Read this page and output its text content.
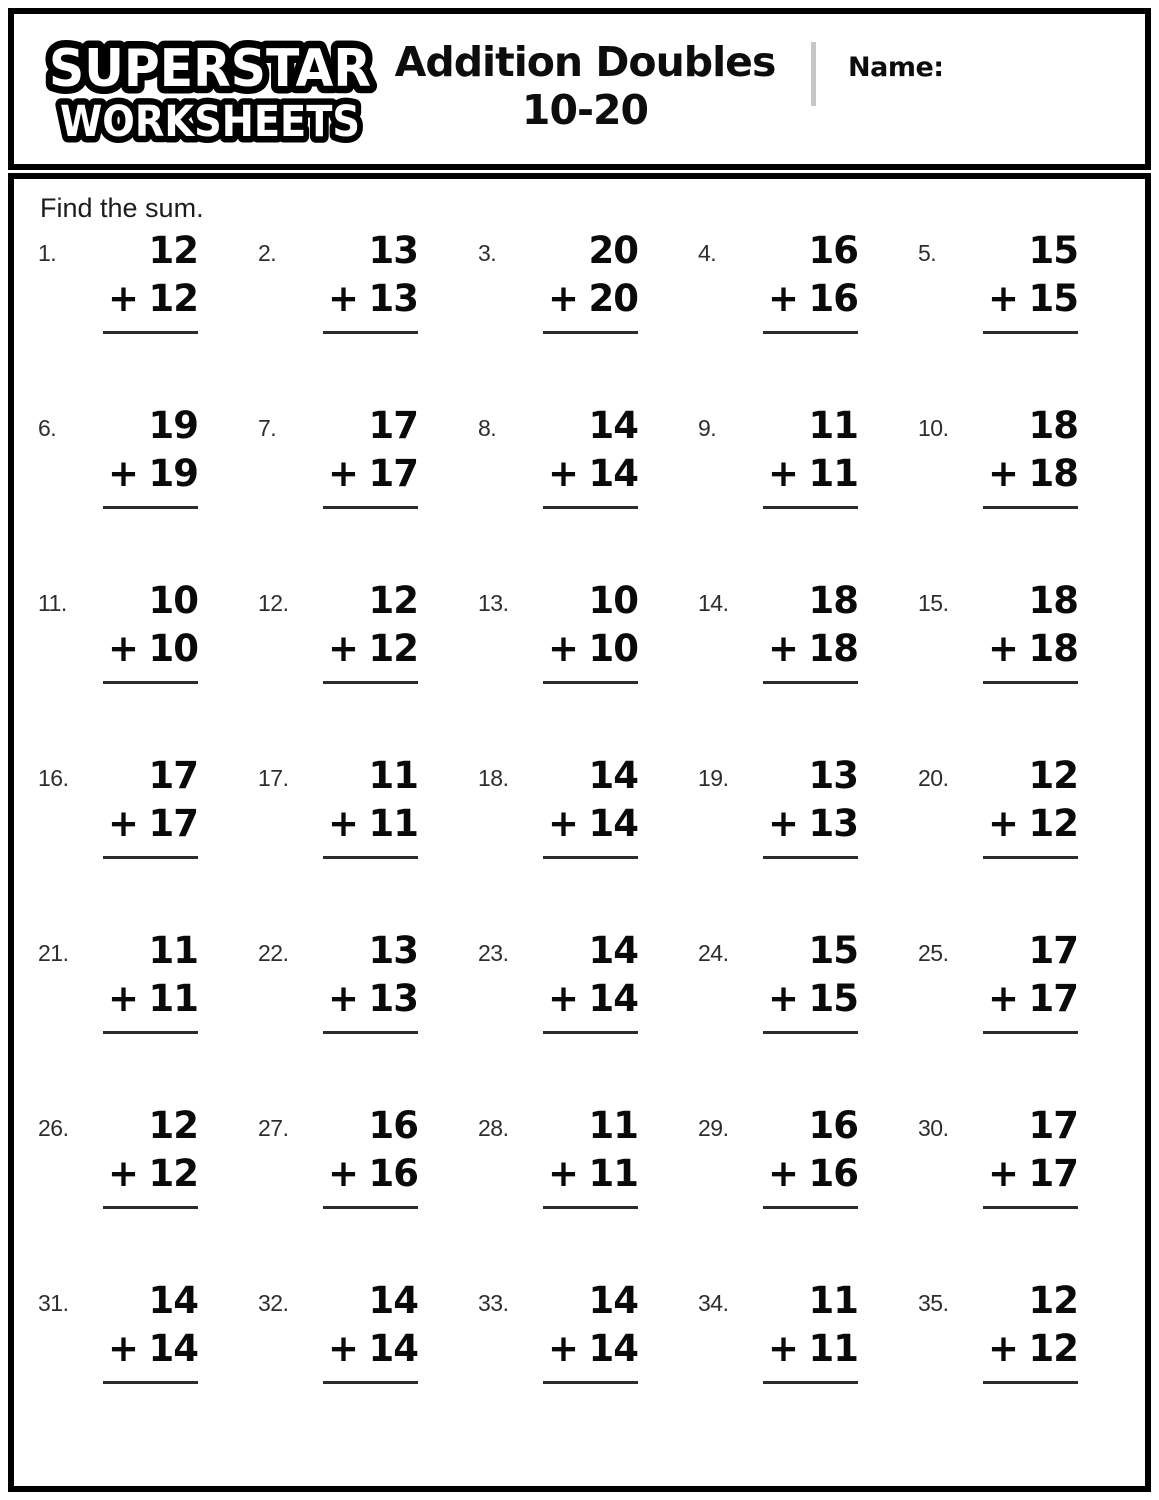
SUPERSTAR
WORKSHEETS
Addition Doubles
10-20
Name:
Find the sum.
1.	12
+ 12
2.	13
+ 13
3.	20
+ 20
4.	16
+ 16
5.	15
+ 15
6.	19
+ 19
7.	17
+ 17
8.	14
+ 14
9.	11
+ 11
10.	18
+ 18
11.	10
+ 10
12.	12
+ 12
13.	10
+ 10
14.	18
+ 18
15.	18
+ 18
16.	17
+ 17
17.	11
+ 11
18.	14
+ 14
19.	13
+ 13
20.	12
+ 12
21.	11
+ 11
22.	13
+ 13
23.	14
+ 14
24.	15
+ 15
25.	17
+ 17
26.	12
+ 12
27.	16
+ 16
28.	11
+ 11
29.	16
+ 16
30.	17
+ 17
31.	14
+ 14
32.	14
+ 14
33.	14
+ 14
34.	11
+ 11
35.	12
+ 12
